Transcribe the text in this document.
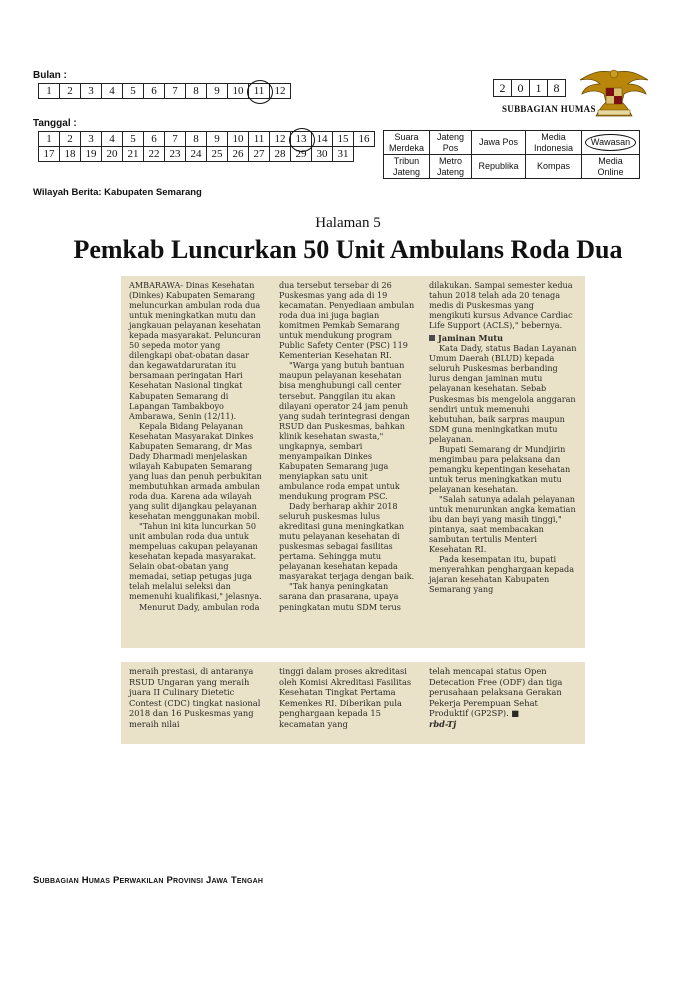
Bulan :
1	2	3	4	5	6	7	8	9	10	11	12
Tanggal :
1	2	3	4	5	6	7	8	9	10	11	12	13	14	15	16
17	18	19	20	21	22	23	24	25	26	27	28	29	30	31	
2	0	1	8
SUBBAGIAN HUMAS
Suara Merdeka	Jateng Pos	Jawa Pos	Media Indonesia	Wawasan
Tribun Jateng	Metro Jateng	Republika	Kompas	Media Online
Wilayah Berita: Kabupaten Semarang
Halaman 5
Pemkab Luncurkan 50 Unit Ambulans Roda Dua

AMBARAWA- Dinas Kesehatan (Dinkes) Kabupaten Semarang meluncurkan ambulan roda dua untuk meningkatkan mutu dan jangkauan pelayanan kesehatan kepada masyarakat. Peluncuran 50 sepeda motor yang dilengkapi obat-obatan dasar dan kegawatdaruratan itu bersamaan peringatan Hari Kesehatan Nasional tingkat Kabupaten Semarang di Lapangan Tambakboyo Ambarawa, Senin (12/11).

Kepala Bidang Pelayanan Kesehatan Masyarakat Dinkes Kabupaten Semarang, dr Mas Dady Dharmadi menjelaskan wilayah Kabupaten Semarang yang luas dan penuh perbukitan membutuhkan armada ambulan roda dua. Karena ada wilayah yang sulit dijangkau pelayanan kesehatan menggunakan mobil.

"Tahun ini kita luncurkan 50 unit ambulan roda dua untuk mempeluas cakupan pelayanan kesehatan kepada masyarakat. Selain obat-obatan yang memadai, setiap petugas juga telah melalui seleksi dan memenuhi kualifikasi," jelasnya.

Menurut Dady, ambulan roda

dua tersebut tersebar di 26 Puskesmas yang ada di 19 kecamatan. Penyediaan ambulan roda dua ini juga bagian komitmen Pemkab Semarang untuk mendukung program Public Safety Center (PSC) 119 Kementerian Kesehatan RI.

"Warga yang butuh bantuan maupun pelayanan kesehatan bisa menghubungi call center tersebut. Panggilan itu akan dilayani operator 24 jam penuh yang sudah terintegrasi dengan RSUD dan Puskesmas, bahkan klinik kesehatan swasta," ungkapnya, sembari menyampaikan Dinkes Kabupaten Semarang juga menyiapkan satu unit ambulance roda empat untuk mendukung program PSC.

Dady berharap akhir 2018 seluruh puskesmas lulus akreditasi guna meningkatkan mutu pelayanan kesehatan di puskesmas sebagai fasilitas pertama. Sehingga mutu pelayanan kesehatan kepada masyarakat terjaga dengan baik.

"Tak hanya peningkatan sarana dan prasarana, upaya peningkatan mutu SDM terus

dilakukan. Sampai semester kedua tahun 2018 telah ada 20 tenaga medis di Puskesmas yang mengikuti kursus Advance Cardiac Life Support (ACLS)," bebernya.

Jaminan Mutu

Kata Dady, status Badan Layanan Umum Daerah (BLUD) kepada seluruh Puskesmas berbanding lurus dengan jaminan mutu pelayanan kesehatan. Sebab Puskesmas bis mengelola anggaran sendiri untuk memenuhi kebutuhan, baik sarpras maupun SDM guna meningkatkan mutu pelayanan.

Bupati Semarang dr Mundjirin mengimbau para pelaksana dan pemangku kepentingan kesehatan untuk terus meningkatkan mutu pelayanan kesehatan.

"Salah satunya adalah pelayanan untuk menurunkan angka kematian ibu dan bayi yang masih tinggi," pintanya, saat membacakan sambutan tertulis Menteri Kesehatan RI.

Pada kesempatan itu, bupati menyerahkan penghargaan kepada jajaran kesehatan Kabupaten Semarang yang

meraih prestasi, di antaranya RSUD Ungaran yang meraih juara II Culinary Dietetic Contest (CDC) tingkat nasional 2018 dan 16 Puskesmas yang meraih nilai

tinggi dalam proses akreditasi oleh Komisi Akreditasi Fasilitas Kesehatan Tingkat Pertama Kemenkes RI. Diberikan pula penghargaan kepada 15 kecamatan yang

telah mencapai status Open Detecation Free (ODF) dan tiga perusahaan pelaksana Gerakan Pekerja Perempuan Sehat Produktif (GP2SP). ■

rbd-Tj

Subbagian Humas Perwakilan Provinsi Jawa Tengah
